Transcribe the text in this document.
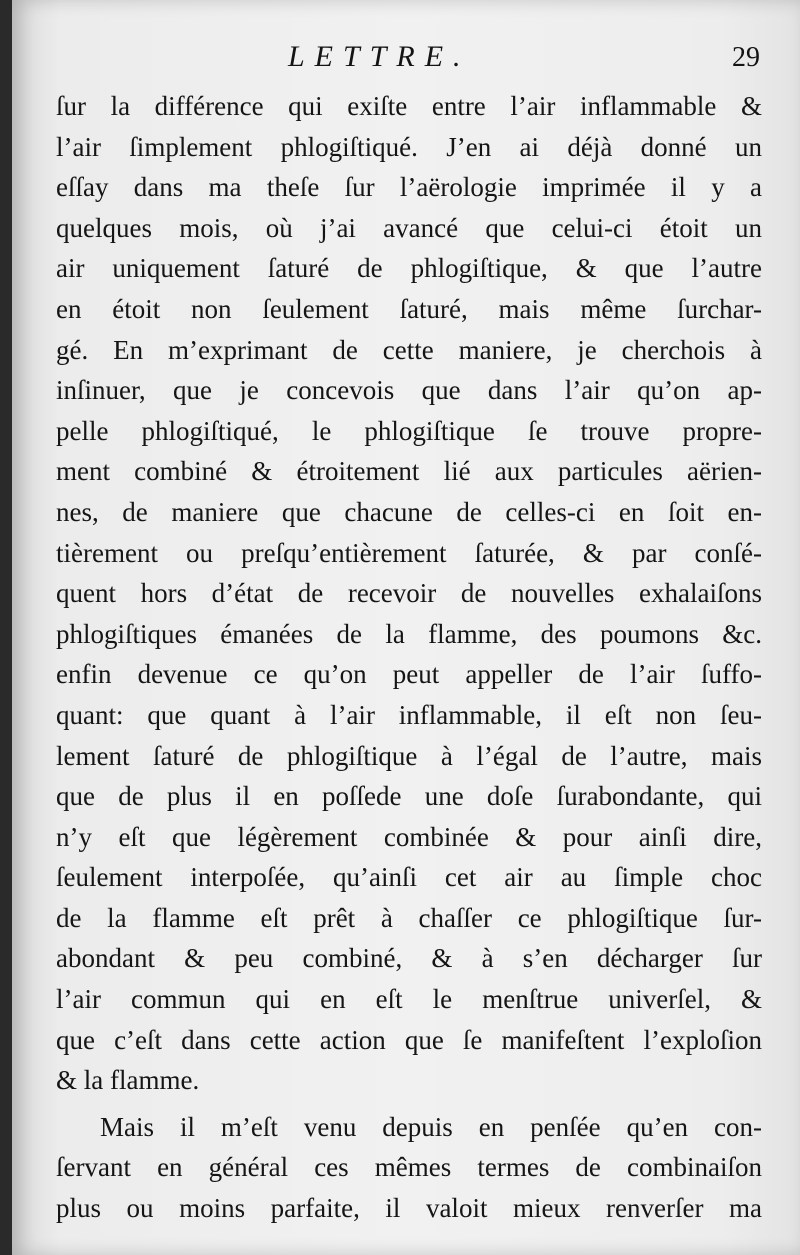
LETTRE.	29
ſur la différence qui exiſte entre l’air inflammable &
l’air ſimplement phlogiſtiqué. J’en ai déjà donné un
eſſay dans ma theſe ſur l’aërologie imprimée il y a
quelques mois, où j’ai avancé que celui-ci étoit un
air uniquement ſaturé de phlogiſtique, & que l’autre
en étoit non ſeulement ſaturé, mais même ſurchar-
gé. En m’exprimant de cette maniere, je cherchois à
inſinuer, que je concevois que dans l’air qu’on ap-
pelle phlogiſtiqué, le phlogiſtique ſe trouve propre-
ment combiné & étroitement lié aux particules aërien-
nes, de maniere que chacune de celles-ci en ſoit en-
tièrement ou preſqu’entièrement ſaturée, & par conſé-
quent hors d’état de recevoir de nouvelles exhalaiſons
phlogiſtiques émanées de la flamme, des poumons &c.
enfin devenue ce qu’on peut appeller de l’air ſuffo-
quant: que quant à l’air inflammable, il eſt non ſeu-
lement ſaturé de phlogiſtique à l’égal de l’autre, mais
que de plus il en poſſede une doſe ſurabondante, qui
n’y eſt que légèrement combinée & pour ainſi dire,
ſeulement interpoſée, qu’ainſi cet air au ſimple choc
de la flamme eſt prêt à chaſſer ce phlogiſtique ſur-
abondant & peu combiné, & à s’en décharger ſur
l’air commun qui en eſt le menſtrue univerſel, &
que c’eſt dans cette action que ſe manifeſtent l’exploſion
& la flamme.
Mais il m’eſt venu depuis en penſée qu’en con-
ſervant en général ces mêmes termes de combinaiſon
plus ou moins parfaite, il valoit mieux renverſer ma
